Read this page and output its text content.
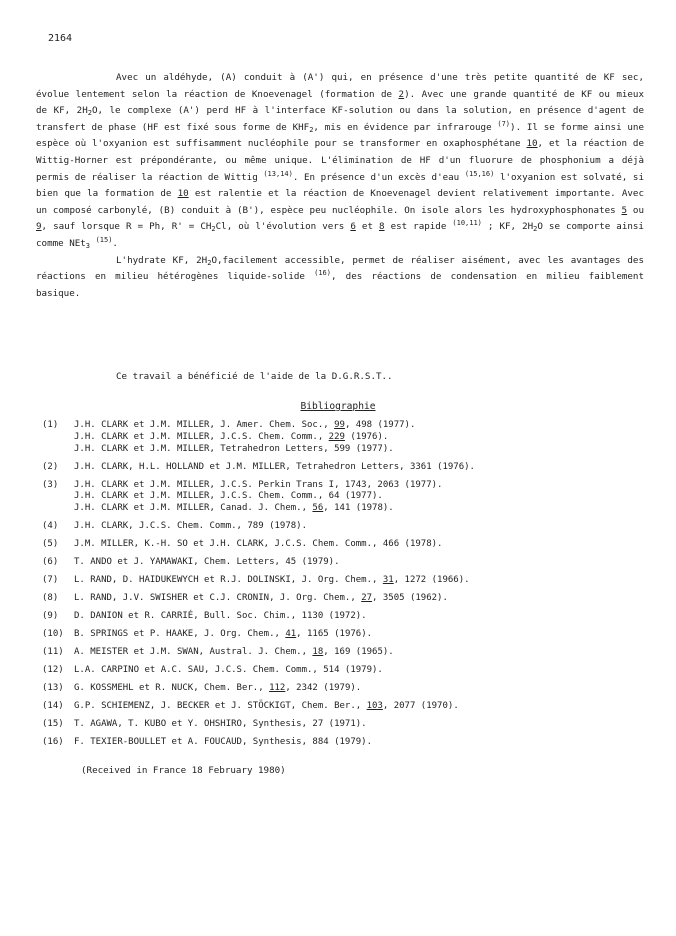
2164

Avec un aldéhyde, (A) conduit à (A') qui, en présence d'une très petite quantité de KF sec, évolue lentement selon la réaction de Knoevenagel (formation de 2). Avec une grande quantité de KF ou mieux de KF, $2H_2O$, le complexe (A') perd HF à l'interface KF-solution ou dans la solution, en présence d'agent de transfert de phase (HF est fixé sous forme de $KHF_2$, mis en évidence par infrarouge $^{(7)}$). Il se forme ainsi une espèce où l'oxyanion est suffisamment nucléophile pour se transformer en oxaphosphétane 10, et la réaction de Wittig-Horner est prépondérante, ou même unique. L'élimination de HF d'un fluorure de phosphonium a déjà permis de réaliser la réaction de Wittig $^{(13,14)}$. En présence d'un excès d'eau $^{(15,16)}$ l'oxyanion est solvaté, si bien que la formation de 10 est ralentie et la réaction de Knoevenagel devient relativement importante. Avec un composé carbonylé, (B) conduit à (B'), espèce peu nucléophile. On isole alors les hydroxyphosphonates 5 ou 9, sauf lorsque R = Ph, $R' = CH_2Cl$, où l'évolution vers 6 et 8 est rapide $^{(10,11)}$ ; KF, $2H_2O$ se comporte ainsi comme NEt$_3$ $^{(15)}$.

L'hydrate KF, $2H_2O,facilement$ accessible, permet de réaliser aisément, avec les avantages des réactions en milieu hétérogènes liquide-solide $^{(16)}$, des réactions de condensation en milieu faiblement basique.

Ce travail a bénéficié de l'aide de la D.G.R.S.T..
Bibliographie
(1)	J.H. CLARK et J.M. MILLER, J. Amer. Chem. Soc., 99, 498 (1977).
J.H. CLARK et J.M. MILLER, J.C.S. Chem. Comm., 229 (1976).
J.H. CLARK et J.M. MILLER, Tetrahedron Letters, 599 (1977).
(2)	J.H. CLARK, H.L. HOLLAND et J.M. MILLER, Tetrahedron Letters, 3361 (1976).
(3)	J.H. CLARK et J.M. MILLER, J.C.S. Perkin Trans I, 1743, 2063 (1977).
J.H. CLARK et J.M. MILLER, J.C.S. Chem. Comm., 64 (1977).
J.H. CLARK et J.M. MILLER, Canad. J. Chem., 56, 141 (1978).
(4)	J.H. CLARK, J.C.S. Chem. Comm., 789 (1978).
(5)	J.M. MILLER, K.-H. SO et J.H. CLARK, J.C.S. Chem. Comm., 466 (1978).
(6)	T. ANDO et J. YAMAWAKI, Chem. Letters, 45 (1979).
(7)	L. RAND, D. HAIDUKEWYCH et R.J. DOLINSKI, J. Org. Chem., 31, 1272 (1966).
(8)	L. RAND, J.V. SWISHER et C.J. CRONIN, J. Org. Chem., 27, 3505 (1962).
(9)	D. DANION et R. CARRIÉ, Bull. Soc. Chim., 1130 (1972).
(10)	B. SPRINGS et P. HAAKE, J. Org. Chem., 41, 1165 (1976).
(11)	A. MEISTER et J.M. SWAN, Austral. J. Chem., 18, 169 (1965).
(12)	L.A. CARPINO et A.C. SAU, J.C.S. Chem. Comm., 514 (1979).
(13)	G. KOSSMEHL et R. NUCK, Chem. Ber., 112, 2342 (1979).
(14)	G.P. SCHIEMENZ, J. BECKER et J. STÖCKIGT, Chem. Ber., 103, 2077 (1970).
(15)	T. AGAWA, T. KUBO et Y. OHSHIRO, Synthesis, 27 (1971).
(16)	F. TEXIER-BOULLET et A. FOUCAUD, Synthesis, 884 (1979).
(Received in France 18 February 1980)
